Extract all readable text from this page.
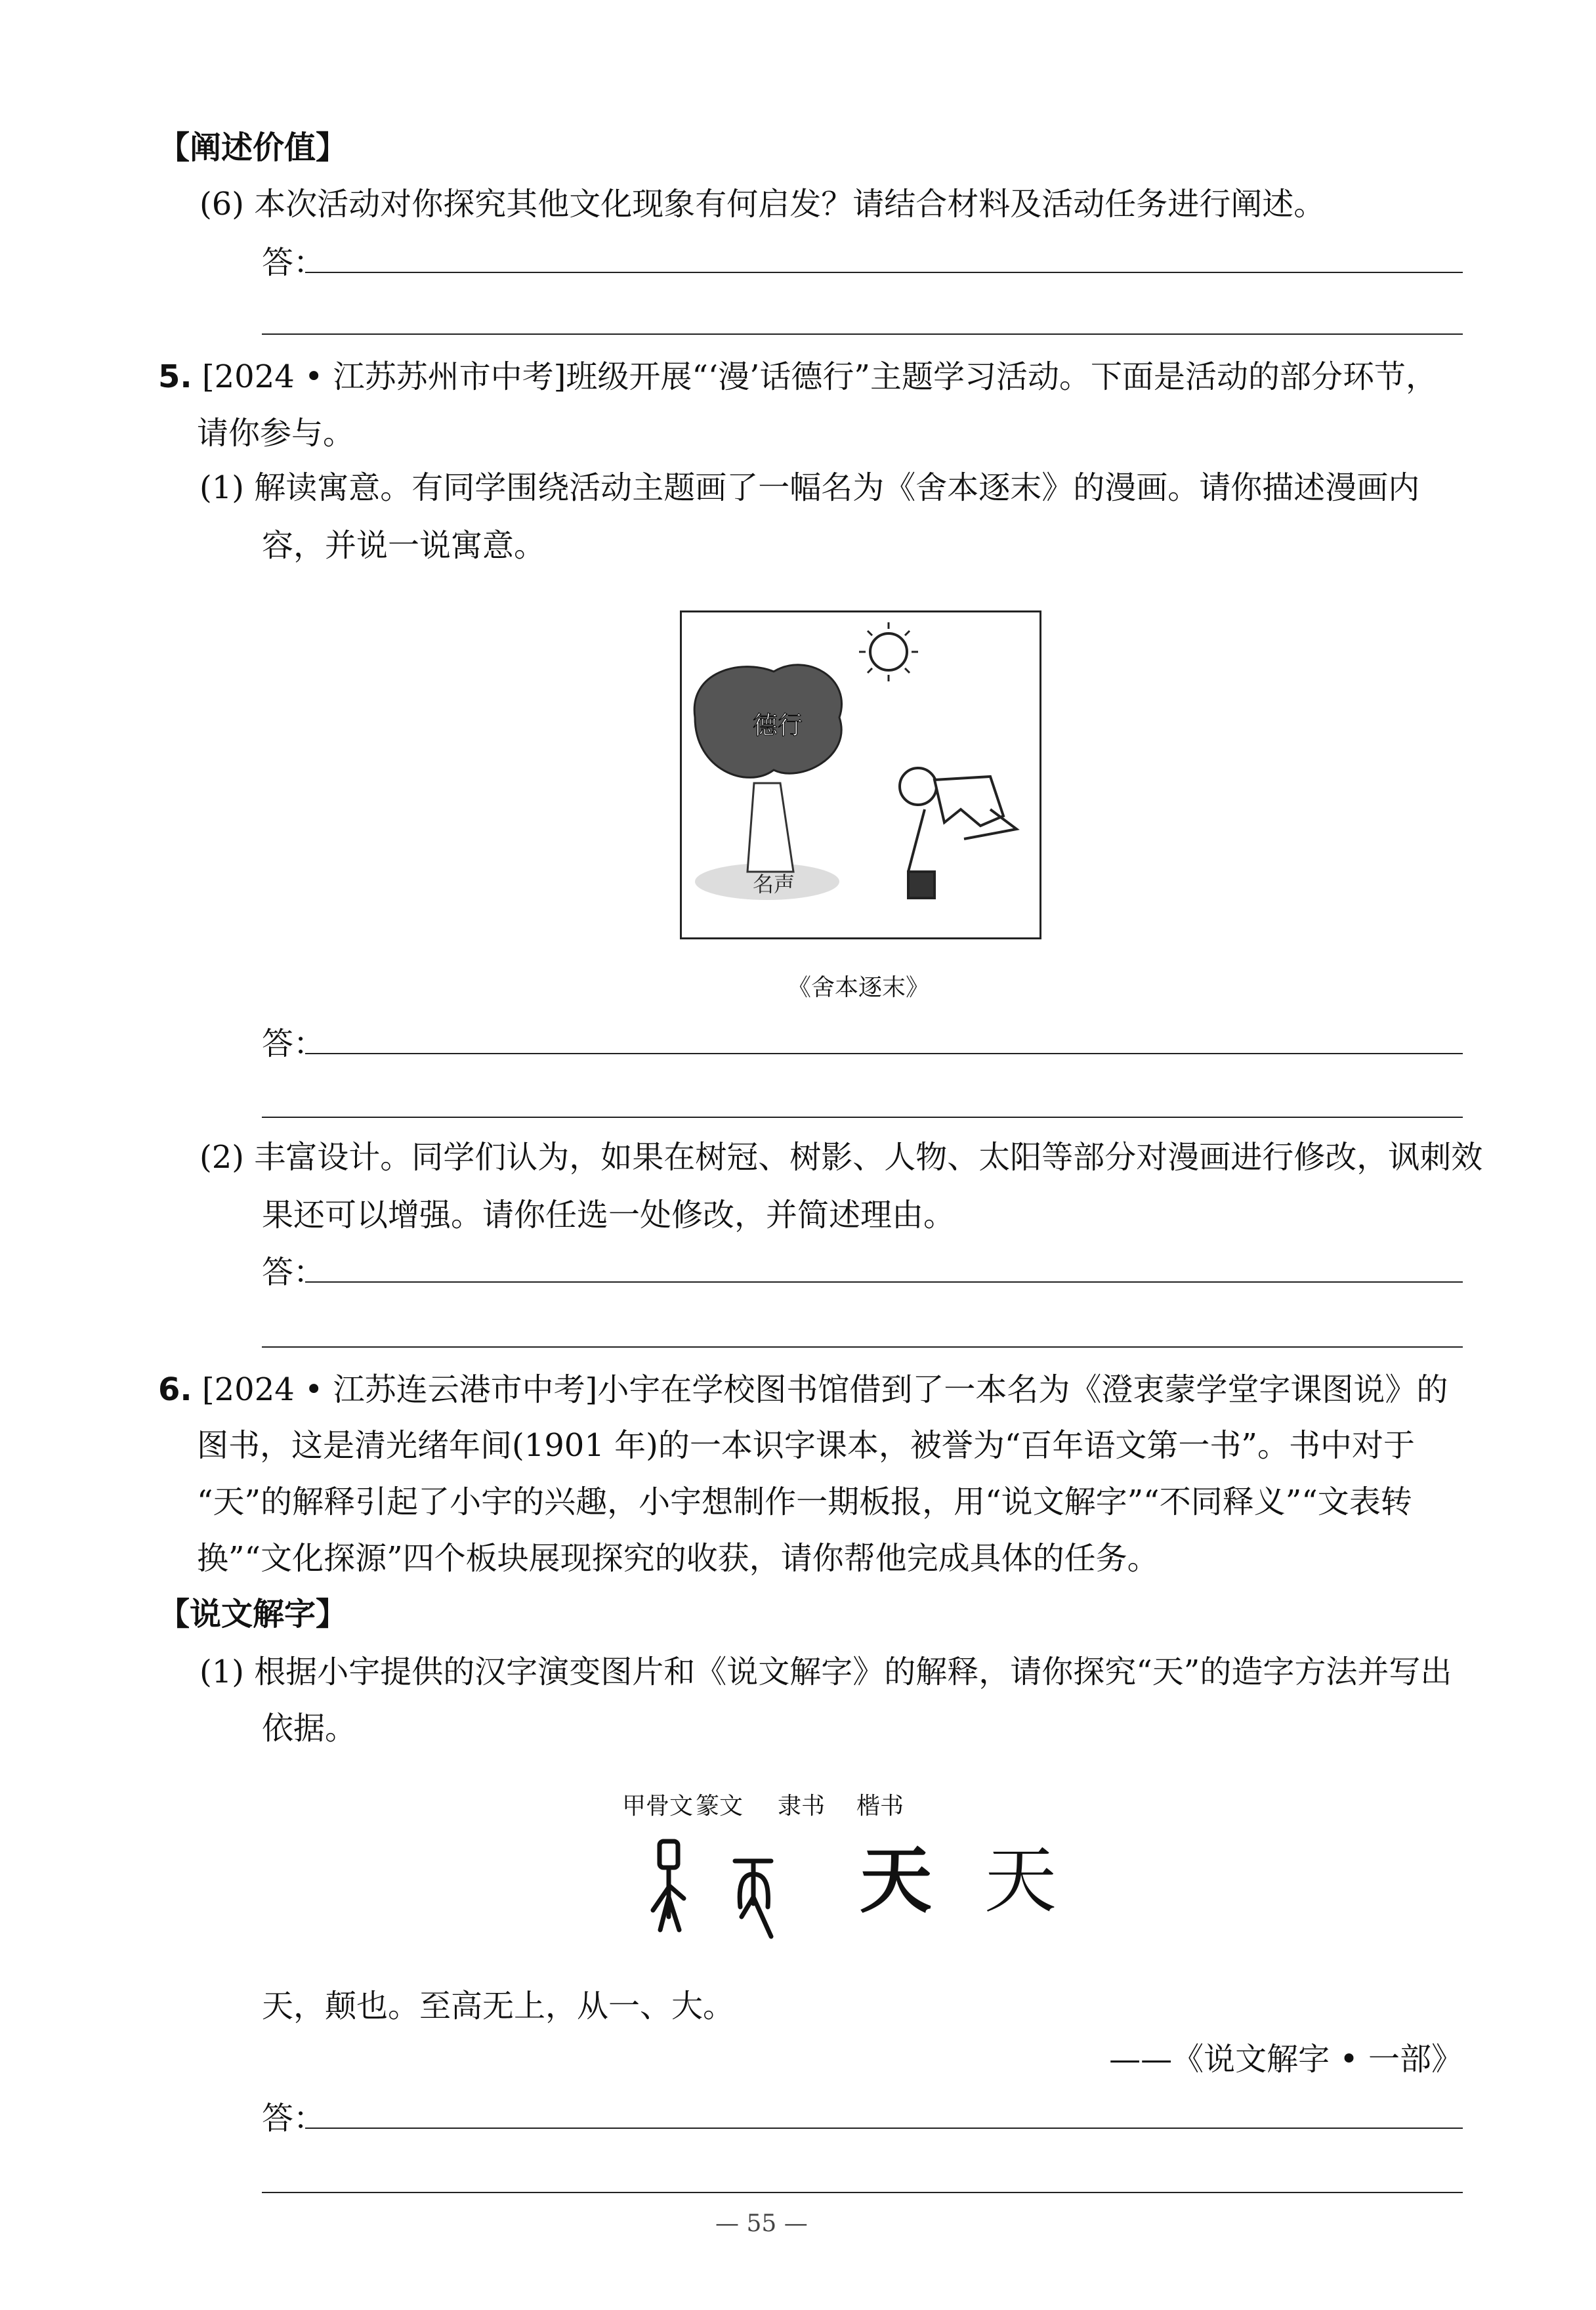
【阐述价值】
(6) 本次活动对你探究其他文化现象有何启发？请结合材料及活动任务进行阐述。
答：
5. [2024 • 江苏苏州市中考]班级开展“‘漫’话德行”主题学习活动。下面是活动的部分环节，
请你参与。
(1) 解读寓意。有同学围绕活动主题画了一幅名为《舍本逐末》的漫画。请你描述漫画内
容，并说一说寓意。
德行
名声
《舍本逐末》
答：
(2) 丰富设计。同学们认为，如果在树冠、树影、人物、太阳等部分对漫画进行修改，讽刺效
果还可以增强。请你任选一处修改，并简述理由。
答：
6. [2024 • 江苏连云港市中考]小宇在学校图书馆借到了一本名为《澄衷蒙学堂字课图说》的
图书，这是清光绪年间(1901 年)的一本识字课本，被誉为“百年语文第一书”。书中对于
“天”的解释引起了小宇的兴趣，小宇想制作一期板报，用“说文解字”“不同释义”“文表转
换”“文化探源”四个板块展现探究的收获，请你帮他完成具体的任务。
【说文解字】
(1) 根据小宇提供的汉字演变图片和《说文解字》的解释，请你探究“天”的造字方法并写出
依据。
甲骨文 篆文 隶书 楷书
天 天
天，颠也。至高无上，从一、大。
——《说文解字 • 一部》
答：
— 55 —
